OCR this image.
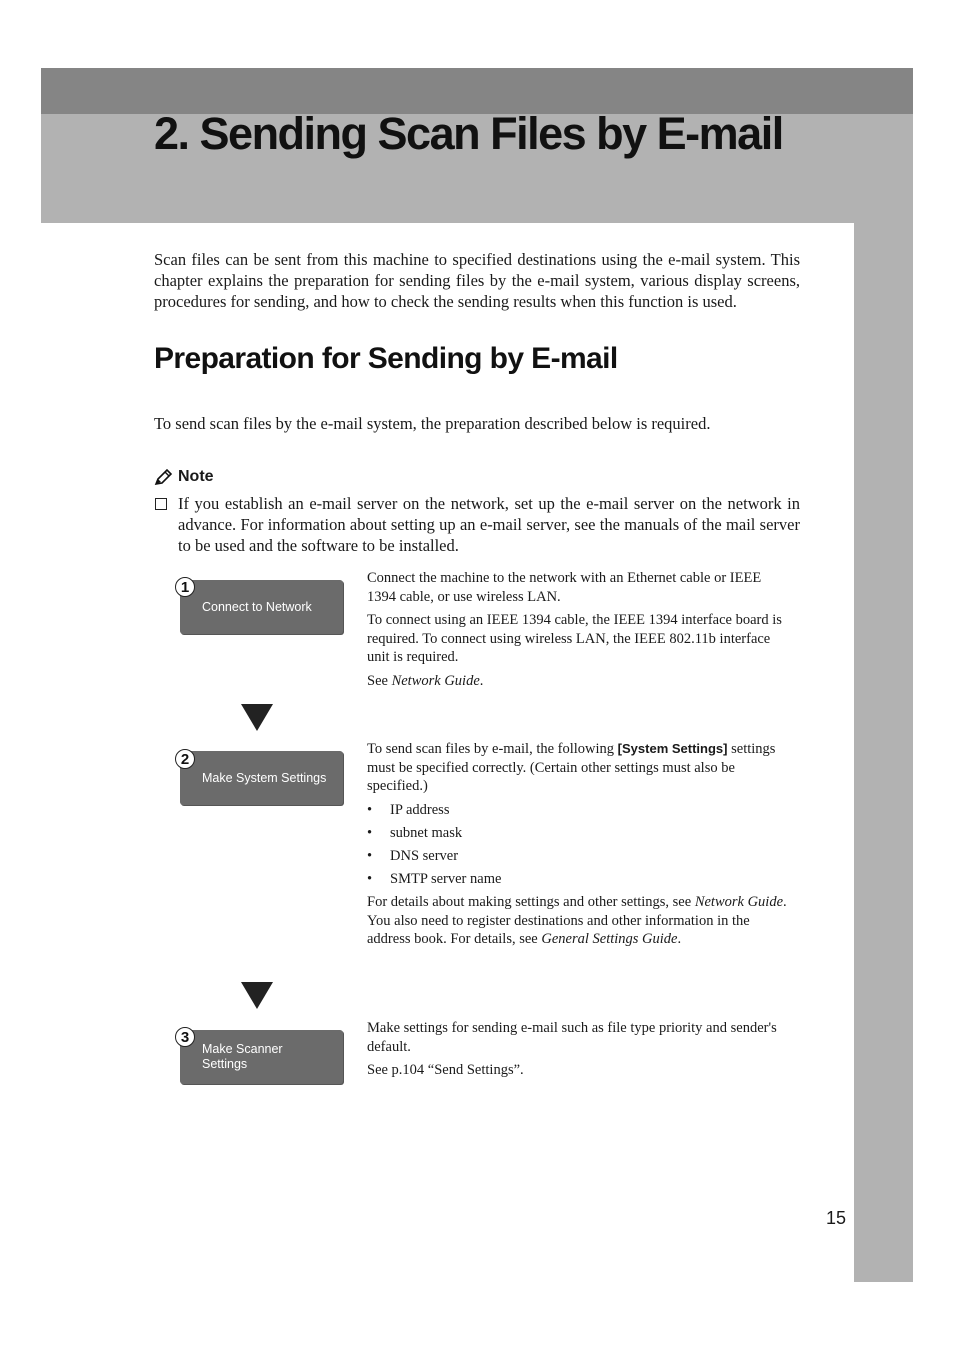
2. Sending Scan Files by E-mail

Scan files can be sent from this machine to specified destinations using the e-mail system. This chapter explains the preparation for sending files by the e-mail system, various display screens, procedures for sending, and how to check the sending results when this function is used.

Preparation for Sending by E-mail

To send scan files by the e-mail system, the preparation described below is required.

Note

If you establish an e-mail server on the network, set up the e-mail server on the network in advance. For information about setting up an e-mail server, see the manuals of the mail server to be used and the software to be installed.

Connect to Network
1

Connect the machine to the network with an Ethernet cable or IEEE 1394 cable, or use wireless LAN.

To connect using an IEEE 1394 cable, the IEEE 1394 interface board is required. To connect using wireless LAN, the IEEE 802.11b interface unit is required.

See Network Guide.

Make System Settings
2

To send scan files by e-mail, the following [System Settings] settings must be specified correctly. (Certain other settings must also be specified.)

• IP address
• subnet mask
• DNS server
• SMTP server name

For details about making settings and other settings, see Network Guide. You also need to register destinations and other information in the address book. For details, see General Settings Guide.

Make Scanner
Settings
3

Make settings for sending e-mail such as file type priority and sender's default.

See p.104 “Send Settings”.

15
